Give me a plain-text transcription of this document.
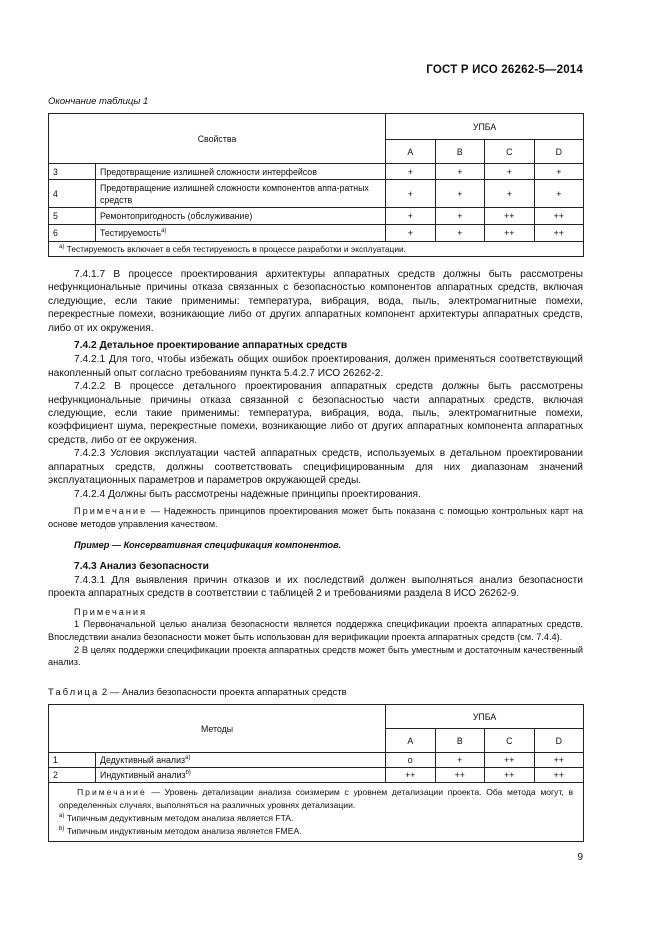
ГОСТ Р ИСО 26262-5—2014
Окончание таблицы 1
Свойства		УПБА			
		A	B	C	D
3	Предотвращение излишней сложности интерфейсов	+	+	+	+
4	Предотвращение излишней сложности компонентов аппа-ратных средств	+	+	+	+
5	Ремонтопригодность (обслуживание)	+	+	++	++
6	Тестируемость$^{a)}$	+	+	++	++
$^{a)}$ Тестируемость включает в себя тестируемость в процессе разработки и эксплуатации.					

7.4.1.7 В процессе проектирования архитектуры аппаратных средств должны быть рассмотрены нефункциональные причины отказа связанных с безопасностью компонентов аппаратных средств, включая следующие, если такие применимы: температура, вибрация, вода, пыль, электромагнитные помехи, перекрестные помехи, возникающие либо от других аппаратных компонент архитектуры аппаратных средств, либо от их окружения.

7.4.2 Детальное проектирование аппаратных средств

7.4.2.1 Для того, чтобы избежать общих ошибок проектирования, должен применяться соответствующий накопленный опыт согласно требованиям пункта 5.4.2.7 ИСО 26262-2.

7.4.2.2 В процессе детального проектирования аппаратных средств должны быть рассмотрены нефункциональные причины отказа связанной с безопасностью части аппаратных средств, включая следующие, если такие применимы: температура, вибрация, вода, пыль, электромагнитные помехи, коэффициент шума, перекрестные помехи, возникающие либо от других аппаратных компонента аппаратных средств, либо от ее окружения.

7.4.2.3 Условия эксплуатации частей аппаратных средств, используемых в детальном проектировании аппаратных средств, должны соответствовать специфицированным для них диапазонам значений эксплуатационных параметров и параметров окружающей среды.

7.4.2.4 Должны быть рассмотрены надежные принципы проектирования.

Примечание — Надежность принципов проектирования может быть показана с помощью контрольных карт на основе методов управления качеством.

Пример — Консервативная спецификация компонентов.

7.4.3 Анализ безопасности

7.4.3.1 Для выявления причин отказов и их последствий должен выполняться анализ безопасности проекта аппаратных средств в соответствии с таблицей 2 и требованиями раздела 8 ИСО 26262-9.

Примечания

1 Первоначальной целью анализа безопасности является поддержка спецификации проекта аппаратных средств. Впоследствии анализ безопасности может быть использован для верификации проекта аппаратных средств (см. 7.4.4).

2 В целях поддержки спецификации проекта аппаратных средств может быть уместным и достаточным качественный анализ.

Таблица 2 — Анализ безопасности проекта аппаратных средств
Методы		УПБА			
		A	B	C	D
1	Дедуктивный анализ$^{a)}$	o	+	++	++
2	Индуктивный анализ$^{b)}$	++	++	++	++

Примечание — Уровень детализации анализа соизмерим с уровнем детализации проекта. Оба метода могут, в определенных случаях, выполняться на различных уровнях детализации.
$^{a)}$ Типичным дедуктивным методом анализа является FTA.
$^{b)}$ Типичным индуктивным методом анализа является FMEA.					
9
